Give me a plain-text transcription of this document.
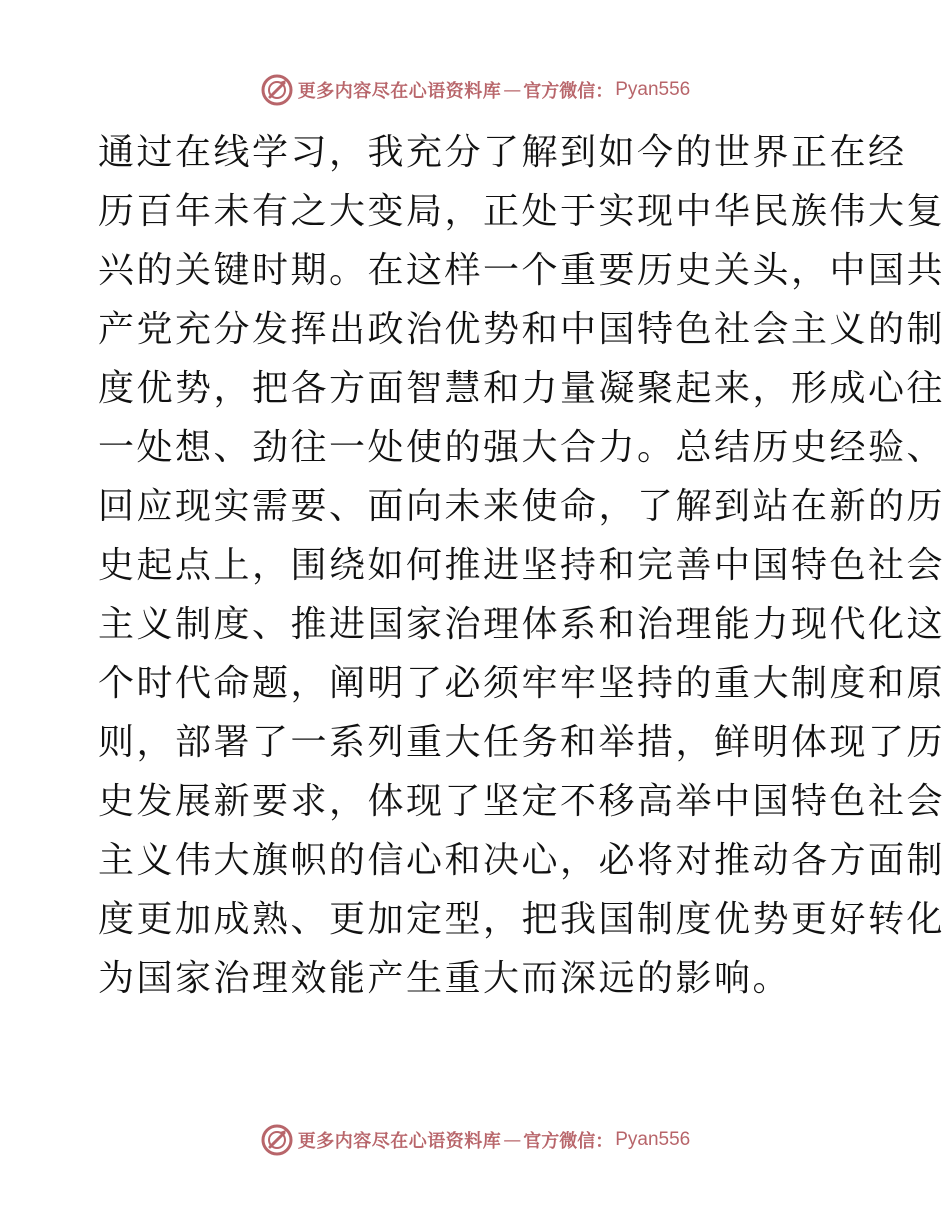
更多内容尽在心语资料库 — 官方微信： Pyan556
通过在线学习，我充分了解到如今的世界正在经
历百年未有之大变局，正处于实现中华民族伟大复
兴的关键时期。在这样一个重要历史关头，中国共
产党充分发挥出政治优势和中国特色社会主义的制
度优势，把各方面智慧和力量凝聚起来，形成心往
一处想、劲往一处使的强大合力。总结历史经验、
回应现实需要、面向未来使命，了解到站在新的历
史起点上，围绕如何推进坚持和完善中国特色社会
主义制度、推进国家治理体系和治理能力现代化这
个时代命题，阐明了必须牢牢坚持的重大制度和原
则，部署了一系列重大任务和举措，鲜明体现了历
史发展新要求，体现了坚定不移高举中国特色社会
主义伟大旗帜的信心和决心，必将对推动各方面制
度更加成熟、更加定型，把我国制度优势更好转化
为国家治理效能产生重大而深远的影响。
更多内容尽在心语资料库 — 官方微信： Pyan556
